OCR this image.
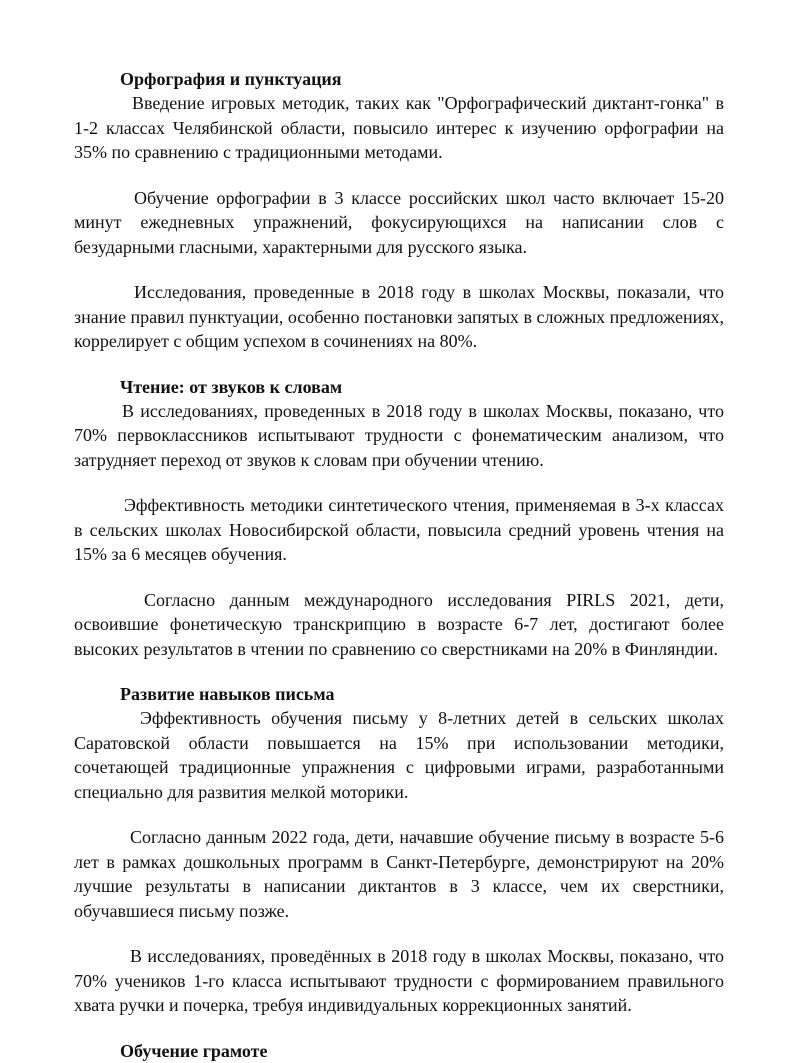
Орфография и пунктуация

Введение игровых методик, таких как "Орфографический диктант-гонка" в 1-2 классах Челябинской области, повысило интерес к изучению орфографии на 35% по сравнению с традиционными методами.

Обучение орфографии в 3 классе российских школ часто включает 15-20 минут ежедневных упражнений, фокусирующихся на написании слов с безударными гласными, характерными для русского языка.

Исследования, проведенные в 2018 году в школах Москвы, показали, что знание правил пунктуации, особенно постановки запятых в сложных предложениях, коррелирует с общим успехом в сочинениях на 80%.

Чтение: от звуков к словам

В исследованиях, проведенных в 2018 году в школах Москвы, показано, что 70% первоклассников испытывают трудности с фонематическим анализом, что затрудняет переход от звуков к словам при обучении чтению.

Эффективность методики синтетического чтения, применяемая в 3-х классах в сельских школах Новосибирской области, повысила средний уровень чтения на 15% за 6 месяцев обучения.

Согласно данным международного исследования PIRLS 2021, дети, освоившие фонетическую транскрипцию в возрасте 6-7 лет, достигают более высоких результатов в чтении по сравнению со сверстниками на 20% в Финляндии.

Развитие навыков письма

Эффективность обучения письму у 8-летних детей в сельских школах Саратовской области повышается на 15% при использовании методики, сочетающей традиционные упражнения с цифровыми играми, разработанными специально для развития мелкой моторики.

Согласно данным 2022 года, дети, начавшие обучение письму в возрасте 5-6 лет в рамках дошкольных программ в Санкт-Петербурге, демонстрируют на 20% лучшие результаты в написании диктантов в 3 классе, чем их сверстники, обучавшиеся письму позже.

В исследованиях, проведённых в 2018 году в школах Москвы, показано, что 70% учеников 1-го класса испытывают трудности с формированием правильного хвата ручки и почерка, требуя индивидуальных коррекционных занятий.

Обучение грамоте
